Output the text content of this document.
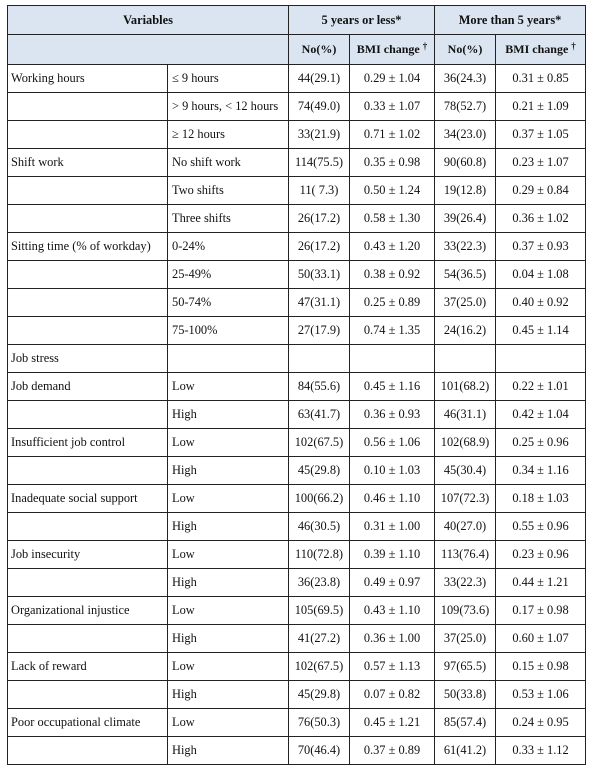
Variables		5 years or less*		More than 5 years*	
		No(%)	BMI change †	No(%)	BMI change †
Working hours	≤ 9 hours	44(29.1)	0.29 ± 1.04	36(24.3)	0.31 ± 0.85
	> 9 hours, < 12 hours	74(49.0)	0.33 ± 1.07	78(52.7)	0.21 ± 1.09
	≥ 12 hours	33(21.9)	0.71 ± 1.02	34(23.0)	0.37 ± 1.05
Shift work	No shift work	114(75.5)	0.35 ± 0.98	90(60.8)	0.23 ± 1.07
	Two shifts	11( 7.3)	0.50 ± 1.24	19(12.8)	0.29 ± 0.84
	Three shifts	26(17.2)	0.58 ± 1.30	39(26.4)	0.36 ± 1.02
Sitting time (% of workday)	0-24%	26(17.2)	0.43 ± 1.20	33(22.3)	0.37 ± 0.93
	25-49%	50(33.1)	0.38 ± 0.92	54(36.5)	0.04 ± 1.08
	50-74%	47(31.1)	0.25 ± 0.89	37(25.0)	0.40 ± 0.92
	75-100%	27(17.9)	0.74 ± 1.35	24(16.2)	0.45 ± 1.14
Job stress					
Job demand	Low	84(55.6)	0.45 ± 1.16	101(68.2)	0.22 ± 1.01
	High	63(41.7)	0.36 ± 0.93	46(31.1)	0.42 ± 1.04
Insufficient job control	Low	102(67.5)	0.56 ± 1.06	102(68.9)	0.25 ± 0.96
	High	45(29.8)	0.10 ± 1.03	45(30.4)	0.34 ± 1.16
Inadequate social support	Low	100(66.2)	0.46 ± 1.10	107(72.3)	0.18 ± 1.03
	High	46(30.5)	0.31 ± 1.00	40(27.0)	0.55 ± 0.96
Job insecurity	Low	110(72.8)	0.39 ± 1.10	113(76.4)	0.23 ± 0.96
	High	36(23.8)	0.49 ± 0.97	33(22.3)	0.44 ± 1.21
Organizational injustice	Low	105(69.5)	0.43 ± 1.10	109(73.6)	0.17 ± 0.98
	High	41(27.2)	0.36 ± 1.00	37(25.0)	0.60 ± 1.07
Lack of reward	Low	102(67.5)	0.57 ± 1.13	97(65.5)	0.15 ± 0.98
	High	45(29.8)	0.07 ± 0.82	50(33.8)	0.53 ± 1.06
Poor occupational climate	Low	76(50.3)	0.45 ± 1.21	85(57.4)	0.24 ± 0.95
	High	70(46.4)	0.37 ± 0.89	61(41.2)	0.33 ± 1.12
